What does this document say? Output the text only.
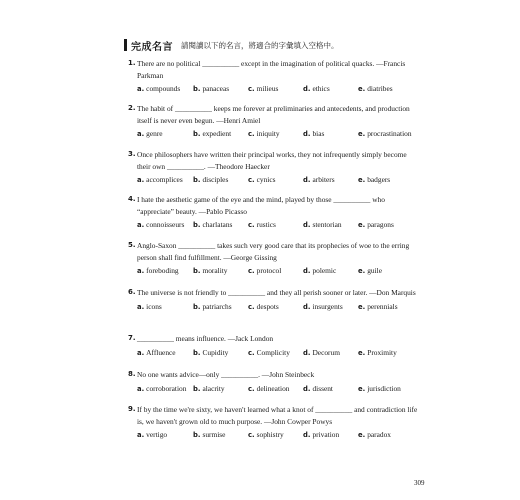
完成名言 請閱讀以下的名言，將適合的字彙填入空格中。
1. There are no political __________ except in the imagination of political quacks. —Francis Parkman
a. compounds b. panaceas	c. milieus	d. ethics	e. diatribes
2. The habit of __________ keeps me forever at preliminaries and antecedents, and production itself is never even begun. —Henri Amiel
a. genre	b. expedient c. iniquity	d. bias	e. procrastination
3. Once philosophers have written their principal works, they not infrequently simply become their own __________. —Theodore Haecker
a. accomplices b. disciples	c. cynics	d. arbiters	e. badgers
4. I hate the aesthetic game of the eye and the mind, played by those __________ who “appreciate” beauty. —Pablo Picasso
a. connoisseurs b. charlatans c. rustics	d. stentorian e. paragons
5. Anglo-Saxon __________ takes such very good care that its prophecies of woe to the erring person shall find fulfillment. —George Gissing
a. foreboding b. morality	c. protocol	d. polemic	e. guile
6. The universe is not friendly to __________ and they all perish sooner or later. —Don Marquis
a. icons	b. patriarchs c. despots	d. insurgents e. perennials
7. __________ means influence. —Jack London
a. Affluence	b. Cupidity	c. Complicity d. Decorum	e. Proximity
8. No one wants advice—only __________. —John Steinbeck
a. corroboration b. alacrity	c. delineation d. dissent	e. jurisdiction
9. If by the time we're sixty, we haven't learned what a knot of __________ and contradiction life is, we haven't grown old to much purpose. —John Cowper Powys
a. vertigo	b. surmise	c. sophistry	d. privation	e. paradox
309
